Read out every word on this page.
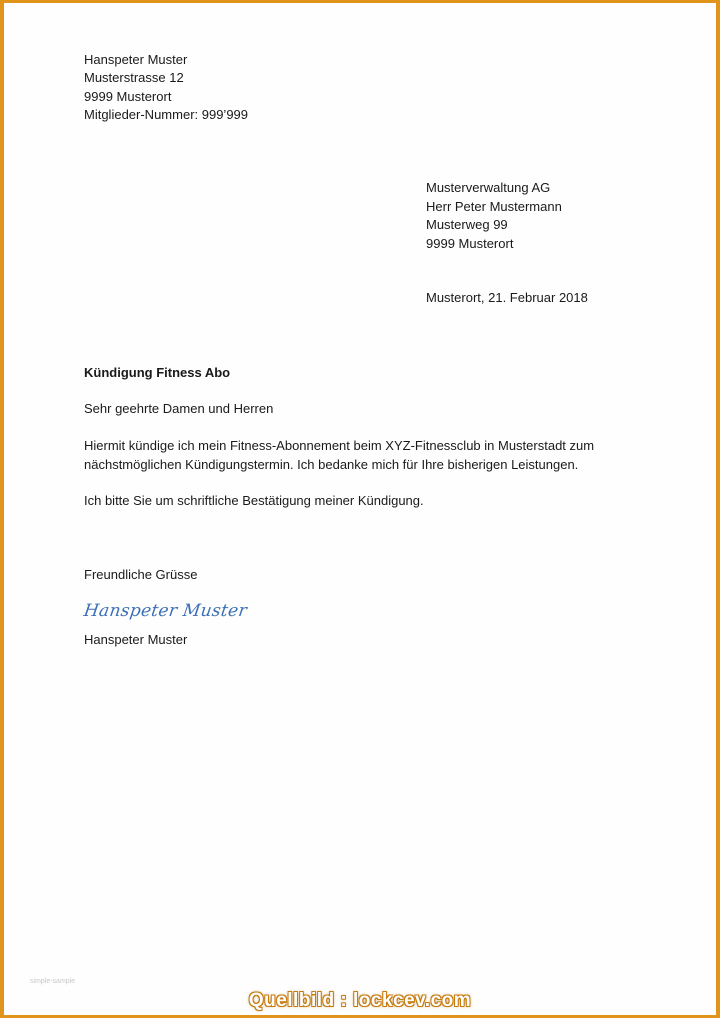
Hanspeter Muster
Musterstrasse 12
9999 Musterort
Mitglieder-Nummer: 999’999
Musterverwaltung AG
Herr Peter Mustermann
Musterweg 99
9999 Musterort
Musterort, 21. Februar 2018
Kündigung Fitness Abo
Sehr geehrte Damen und Herren
Hiermit kündige ich mein Fitness-Abonnement beim XYZ-Fitnessclub in Musterstadt zum
nächstmöglichen Kündigungstermin. Ich bedanke mich für Ihre bisherigen Leistungen.
Ich bitte Sie um schriftliche Bestätigung meiner Kündigung.
Freundliche Grüsse
Hanspeter Muster
Hanspeter Muster
simple-sample
Quellbild : lockcev.com
